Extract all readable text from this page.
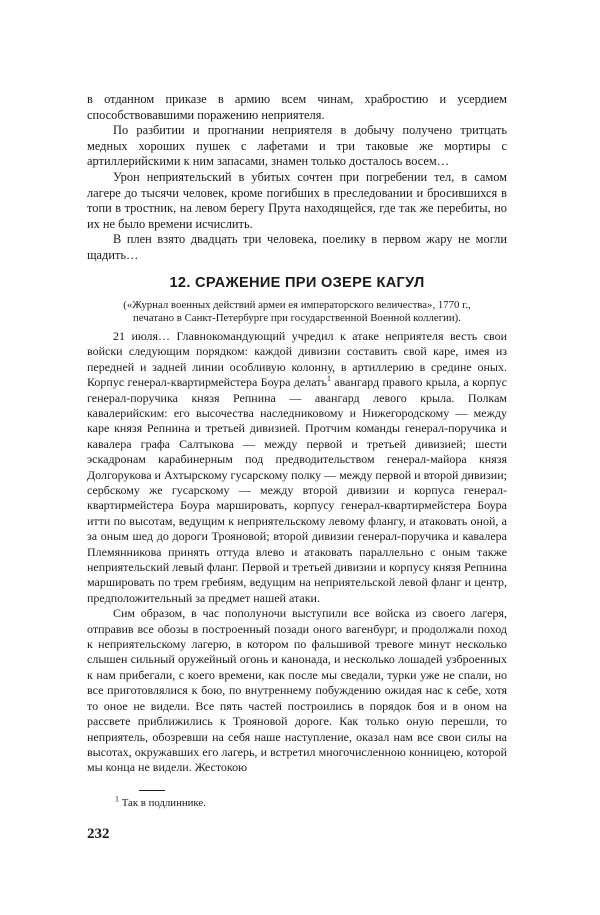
в отданном приказе в армию всем чинам, храбростию и усердием способствовавшими поражению неприятеля.

По разбитии и прогнании неприятеля в добычу получено тритцать медных хороших пушек с лафетами и три таковые же мортиры с артиллерийскими к ним запасами, знамен только досталось восем…

Урон неприятельский в убитых сочтен при погребении тел, в самом лагере до тысячи человек, кроме погибших в преследовании и бросившихся в топи в тростник, на левом берегу Прута находящейся, где так же перебиты, но их не было времени исчислить.

В плен взято двадцать три человека, поелику в первом жару не могли щадить…

12. СРАЖЕНИЕ ПРИ ОЗЕРЕ КАГУЛ
(«Журнал военных действий армеи ея императорского величества», 1770 г., печатано в Санкт-Петербурге при государственной Военной коллегии).

21 июля… Главнокомандующий учредил к атаке неприятеля весть свои войски следующим порядком: каждой дивизии составить свой каре, имея из передней и задней линии особливую колонну, в артиллерию в средине оных. Корпус генерал-квартирмейстера Боура делать$^1$ авангард правого крыла, а корпус генерал-поручика князя Репнина — авангард левого крыла. Полкам кавалерийским: его высочества наследниковому и Нижегородскому — между каре князя Репнина и третьей дивизией. Протчим команды генерал-поручика и кавалера графа Салтыкова — между первой и третьей дивизией; шести эскадронам карабинерным под предводительством генерал-майора князя Долгорукова и Ахтырскому гусарскому полку — между первой и второй дивизии; сербскому же гусарскому — между второй дивизии и корпуса генерал-квартирмейстера Боура маршировать, корпусу генерал-квартирмейстера Боура итти по высотам, ведущим к неприятельскому левому флангу, и атаковать оной, а за оным шед до дороги Трояновой; второй дивизии генерал-поручика и кавалера Племянникова принять оттуда влево и атаковать параллельно с оным также неприятельский левый фланг. Первой и третьей дивизии и корпусу князя Репнина маршировать по трем гребиям, ведущим на неприятельской левой фланг и центр, предположительный за предмет нашей атаки.

Сим образом, в час пополуночи выступили все войска из своего лагеря, отправив все обозы в построенный позади оного вагенбург, и продолжали поход к неприятельскому лагерю, в котором по фальшивой тревоге минут несколько слышен сильный оружейный огонь и канонада, и несколько лошадей узброенных к нам прибегали, с коего времени, как после мы сведали, турки уже не спали, но все приготовлялися к бою, по внутреннему побуждению ожидая нас к себе, хотя то оное не видели. Все пять частей построились в порядок боя и в оном на рассвете приближились к Трояновой дороге. Как только оную перешли, то неприятель, обозревши на себя наше наступление, оказал нам все свои силы на высотах, окружавших его лагерь, и встретил многочисленною конницею, которой мы конца не видели. Жестокою

$^1$ Так в подлиннике.
232
